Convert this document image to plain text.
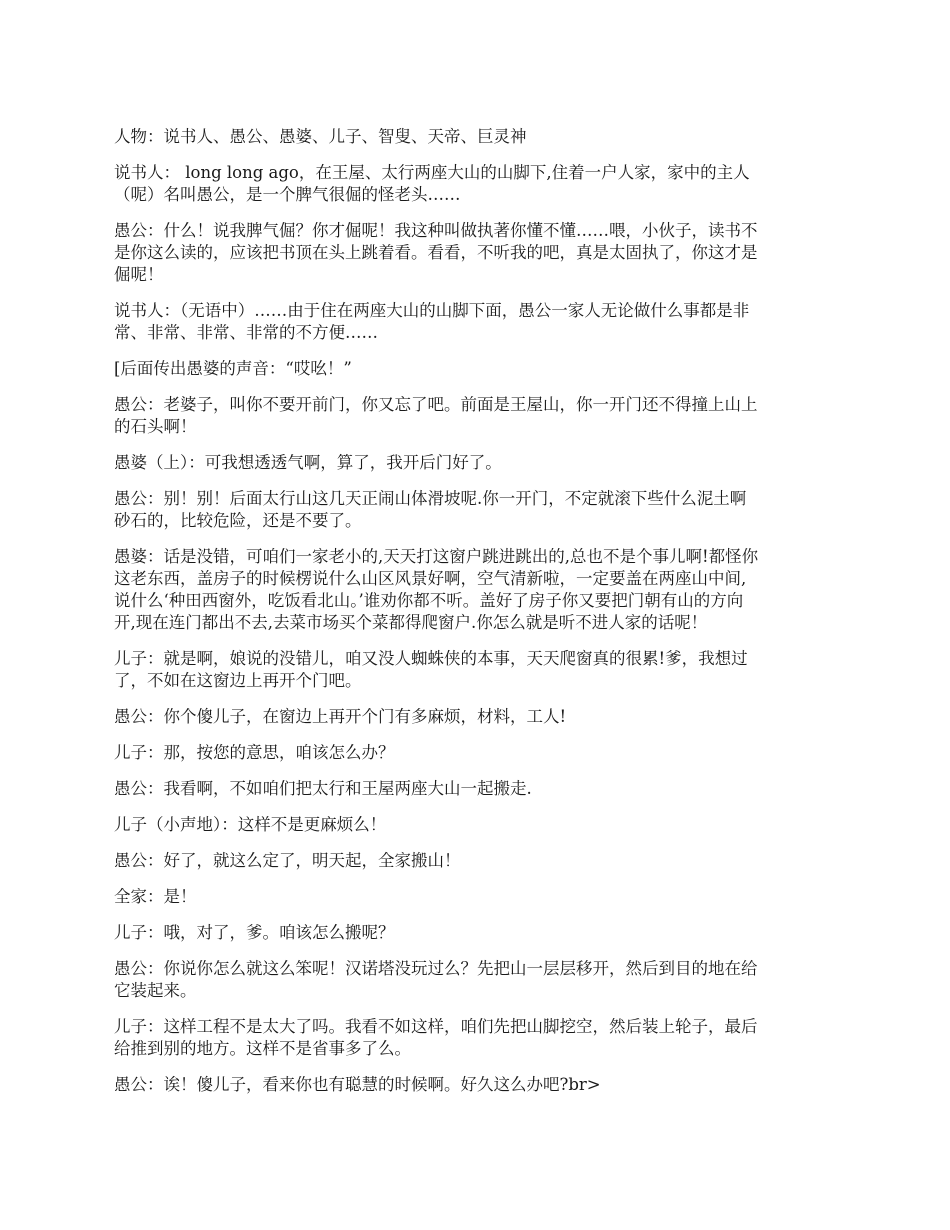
人物：说书人、愚公、愚婆、儿子、智叟、天帝、巨灵神

说书人： long long ago，在王屋、太行两座大山的山脚下,住着一户人家，家中的主人
（呢）名叫愚公，是一个脾气很倔的怪老头……

愚公：什么！说我脾气倔？你才倔呢！我这种叫做执著你懂不懂……喂，小伙子，读书不
是你这么读的，应该把书顶在头上跳着看。看看，不听我的吧，真是太固执了，你这才是
倔呢！

说书人：（无语中）……由于住在两座大山的山脚下面，愚公一家人无论做什么事都是非
常、非常、非常、非常的不方便……

[后面传出愚婆的声音：“哎吆！”

愚公：老婆子，叫你不要开前门，你又忘了吧。前面是王屋山，你一开门还不得撞上山上
的石头啊！

愚婆（上）：可我想透透气啊，算了，我开后门好了。

愚公：别！别！后面太行山这几天正闹山体滑坡呢.你一开门，不定就滚下些什么泥土啊
砂石的，比较危险，还是不要了。

愚婆：话是没错，可咱们一家老小的,天天打这窗户跳进跳出的,总也不是个事儿啊!都怪你
这老东西，盖房子的时候楞说什么山区风景好啊，空气清新啦，一定要盖在两座山中间,
说什么‘种田西窗外，吃饭看北山。’谁劝你都不听。盖好了房子你又要把门朝有山的方向
开,现在连门都出不去,去菜市场买个菜都得爬窗户.你怎么就是听不进人家的话呢！

儿子：就是啊，娘说的没错儿，咱又没人蜘蛛侠的本事，天天爬窗真的很累!爹，我想过
了，不如在这窗边上再开个门吧。

愚公：你个傻儿子，在窗边上再开个门有多麻烦，材料，工人!

儿子：那，按您的意思，咱该怎么办？

愚公：我看啊，不如咱们把太行和王屋两座大山一起搬走.

儿子（小声地）：这样不是更麻烦么！

愚公：好了，就这么定了，明天起，全家搬山！

全家：是！

儿子：哦，对了，爹。咱该怎么搬呢？

愚公：你说你怎么就这么笨呢！汉诺塔没玩过么？先把山一层层移开，然后到目的地在给
它装起来。

儿子：这样工程不是太大了吗。我看不如这样，咱们先把山脚挖空，然后装上轮子，最后
给推到别的地方。这样不是省事多了么。

愚公：诶！傻儿子，看来你也有聪慧的时候啊。好久这么办吧?br>
